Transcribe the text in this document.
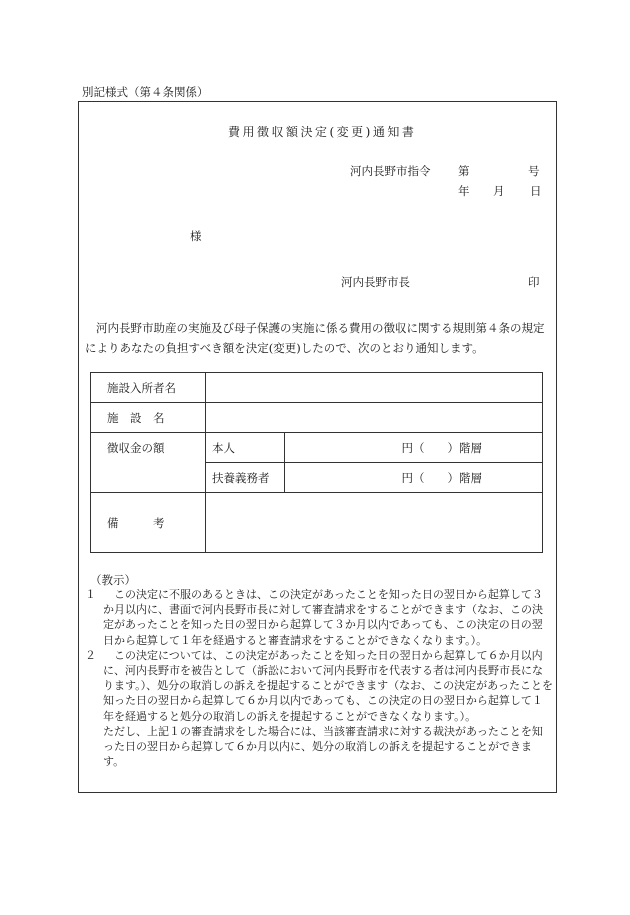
別記様式（第４条関係）
費用徴収額決定(変更)通知書
河内長野市指令 第	号
年 月 日
様
河内長野市長	印
河内長野市助産の実施及び母子保護の実施に係る費用の徴収に関する規則第４条の規定によりあなたの負担すべき額を決定(変更)したので、次のとおり通知します。
施設入所者名		
施　設　名		
徴収金の額	本人	円（　　）階層
	扶養義務者	円（　　）階層
備　　　考		
（教示）
１	この決定に不服のあるときは、この決定があったことを知った日の翌日から起算して３か月以内に、書面で河内長野市長に対して審査請求をすることができます（なお、この決定があったことを知った日の翌日から起算して３か月以内であっても、この決定の日の翌日から起算して１年を経過すると審査請求をすることができなくなります。）。
２	この決定については、この決定があったことを知った日の翌日から起算して６か月以内に、河内長野市を被告として（訴訟において河内長野市を代表する者は河内長野市長になります。）、処分の取消しの訴えを提起することができます（なお、この決定があったことを知った日の翌日から起算して６か月以内であっても、この決定の日の翌日から起算して１年を経過すると処分の取消しの訴えを提起することができなくなります。）。
ただし、上記１の審査請求をした場合には、当該審査請求に対する裁決があったことを知った日の翌日から起算して６か月以内に、処分の取消しの訴えを提起することができます。
